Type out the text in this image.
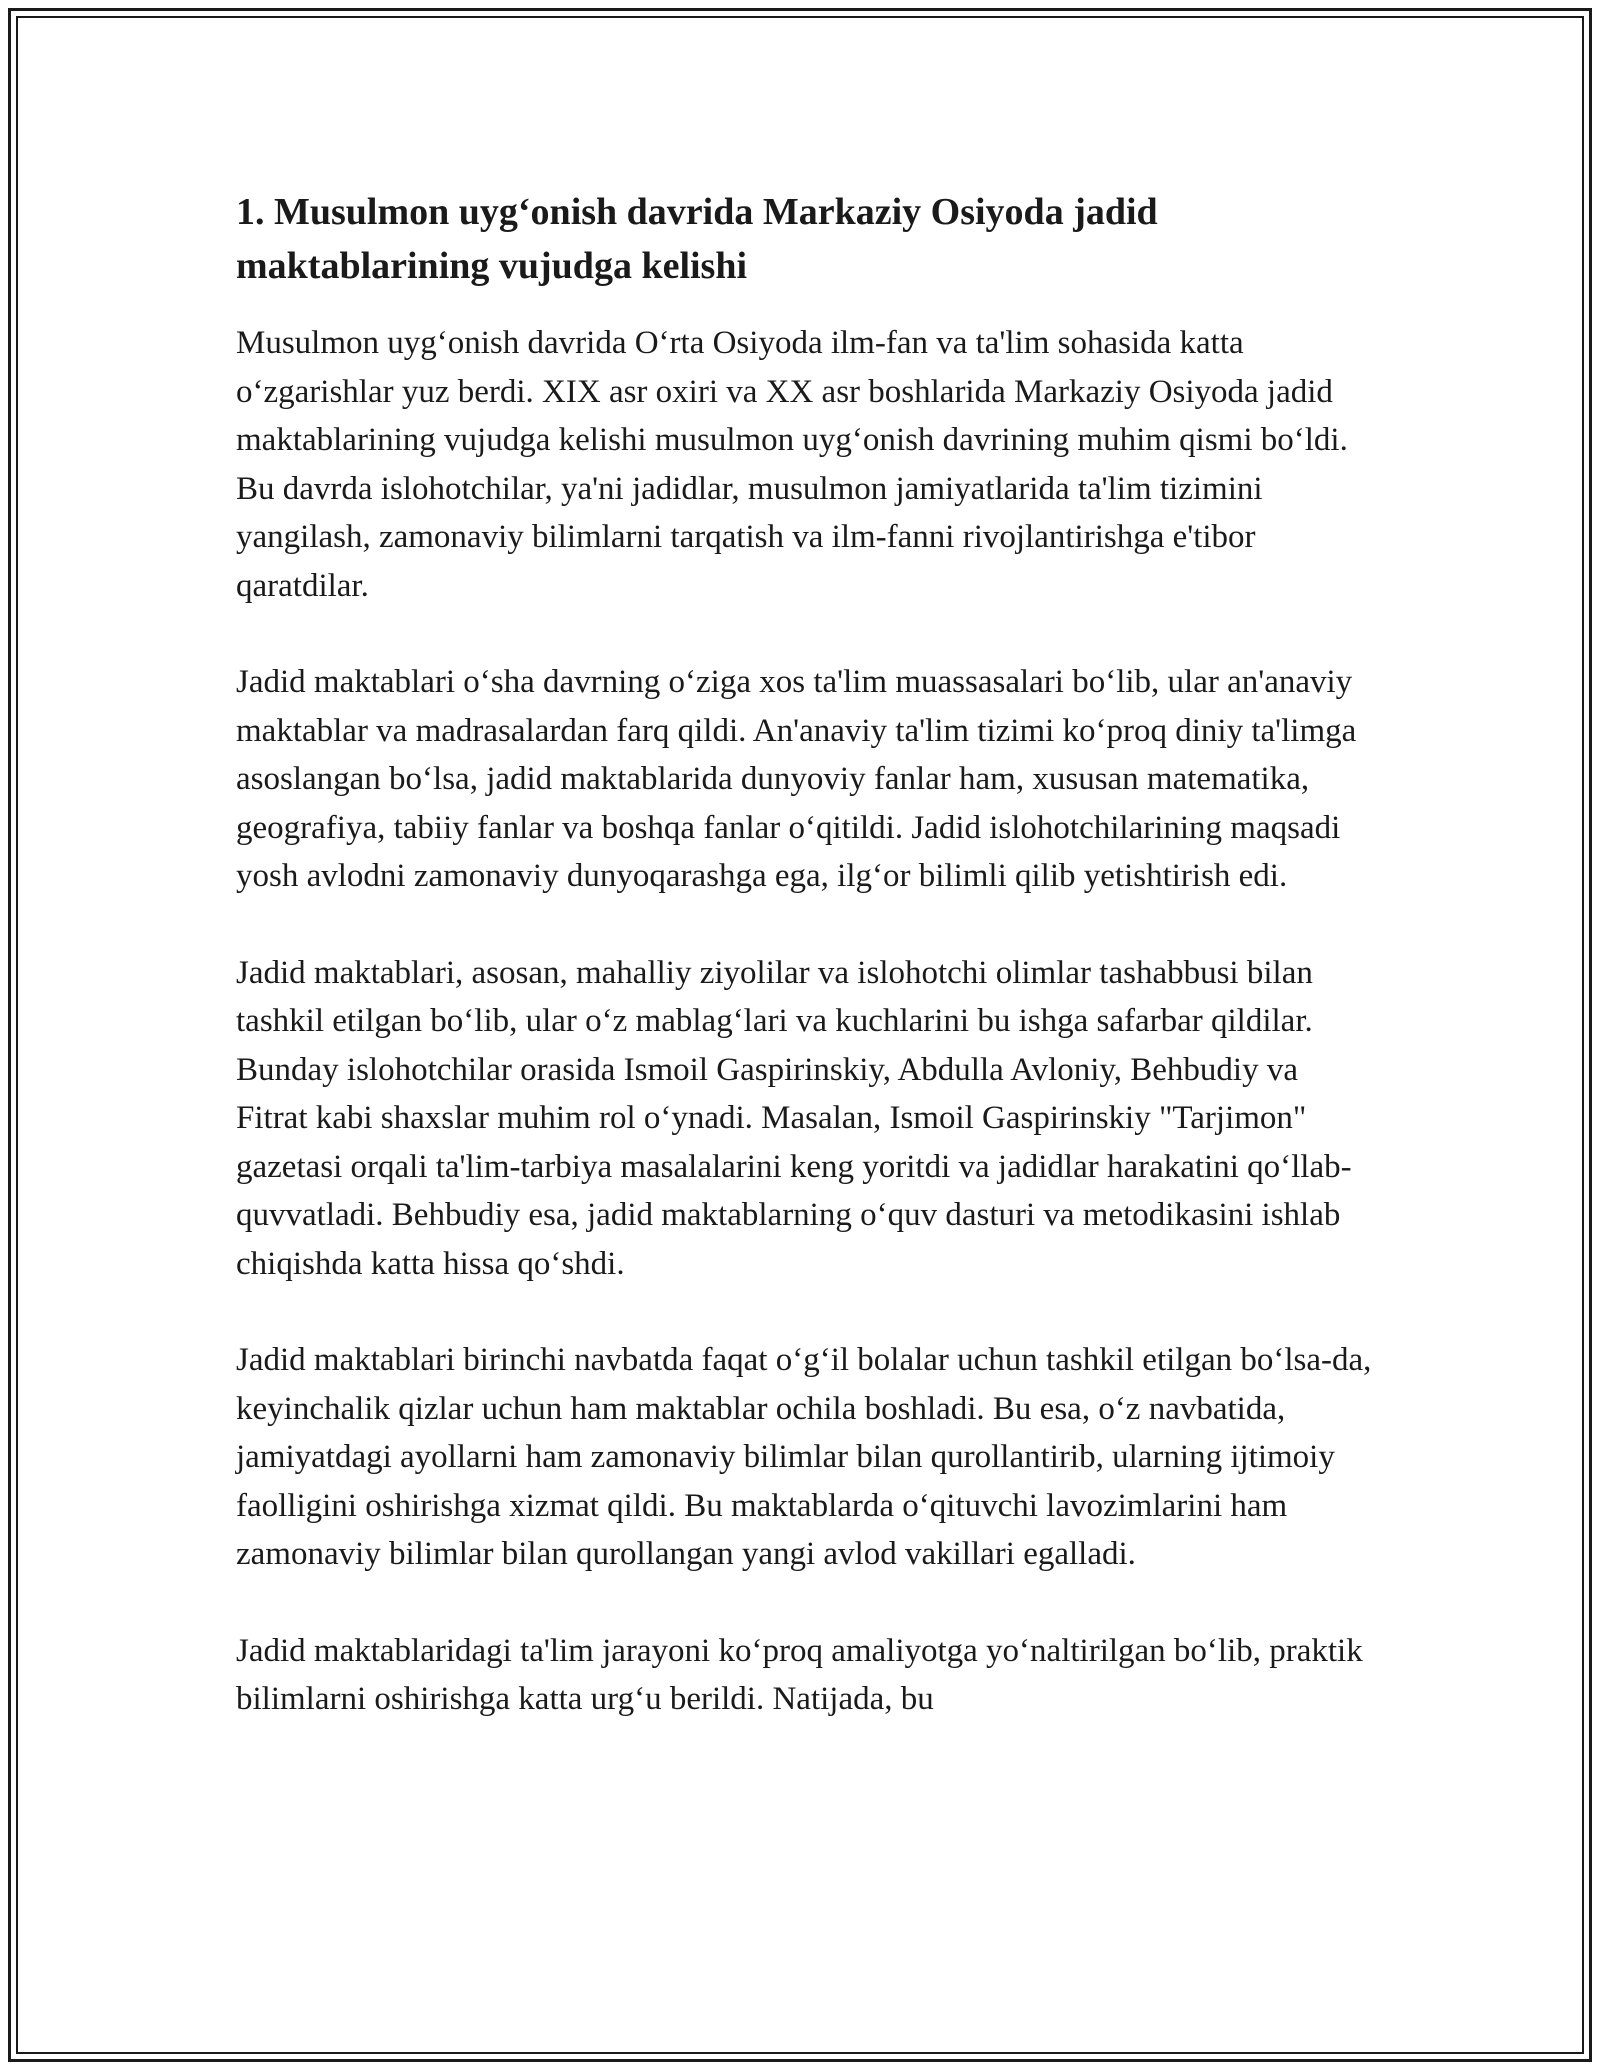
1. Musulmon uyg‘onish davrida Markaziy Osiyoda jadid maktablarining vujudga kelishi

Musulmon uyg‘onish davrida O‘rta Osiyoda ilm-fan va ta'lim sohasida katta o‘zgarishlar yuz berdi. XIX asr oxiri va XX asr boshlarida Markaziy Osiyoda jadid maktablarining vujudga kelishi musulmon uyg‘onish davrining muhim qismi bo‘ldi. Bu davrda islohotchilar, ya'ni jadidlar, musulmon jamiyatlarida ta'lim tizimini yangilash, zamonaviy bilimlarni tarqatish va ilm-fanni rivojlantirishga e'tibor qaratdilar.

Jadid maktablari o‘sha davrning o‘ziga xos ta'lim muassasalari bo‘lib, ular an'anaviy maktablar va madrasalardan farq qildi. An'anaviy ta'lim tizimi ko‘proq diniy ta'limga asoslangan bo‘lsa, jadid maktablarida dunyoviy fanlar ham, xususan matematika, geografiya, tabiiy fanlar va boshqa fanlar o‘qitildi. Jadid islohotchilarining maqsadi yosh avlodni zamonaviy dunyoqarashga ega, ilg‘or bilimli qilib yetishtirish edi.

Jadid maktablari, asosan, mahalliy ziyolilar va islohotchi olimlar tashabbusi bilan tashkil etilgan bo‘lib, ular o‘z mablag‘lari va kuchlarini bu ishga safarbar qildilar. Bunday islohotchilar orasida Ismoil Gaspirinskiy, Abdulla Avloniy, Behbudiy va Fitrat kabi shaxslar muhim rol o‘ynadi. Masalan, Ismoil Gaspirinskiy "Tarjimon" gazetasi orqali ta'lim-tarbiya masalalarini keng yoritdi va jadidlar harakatini qo‘llab-quvvatladi. Behbudiy esa, jadid maktablarning o‘quv dasturi va metodikasini ishlab chiqishda katta hissa qo‘shdi.

Jadid maktablari birinchi navbatda faqat o‘g‘il bolalar uchun tashkil etilgan bo‘lsa-da, keyinchalik qizlar uchun ham maktablar ochila boshladi. Bu esa, o‘z navbatida, jamiyatdagi ayollarni ham zamonaviy bilimlar bilan qurollantirib, ularning ijtimoiy faolligini oshirishga xizmat qildi. Bu maktablarda o‘qituvchi lavozimlarini ham zamonaviy bilimlar bilan qurollangan yangi avlod vakillari egalladi.

Jadid maktablaridagi ta'lim jarayoni ko‘proq amaliyotga yo‘naltirilgan bo‘lib, praktik bilimlarni oshirishga katta urg‘u berildi. Natijada, bu
